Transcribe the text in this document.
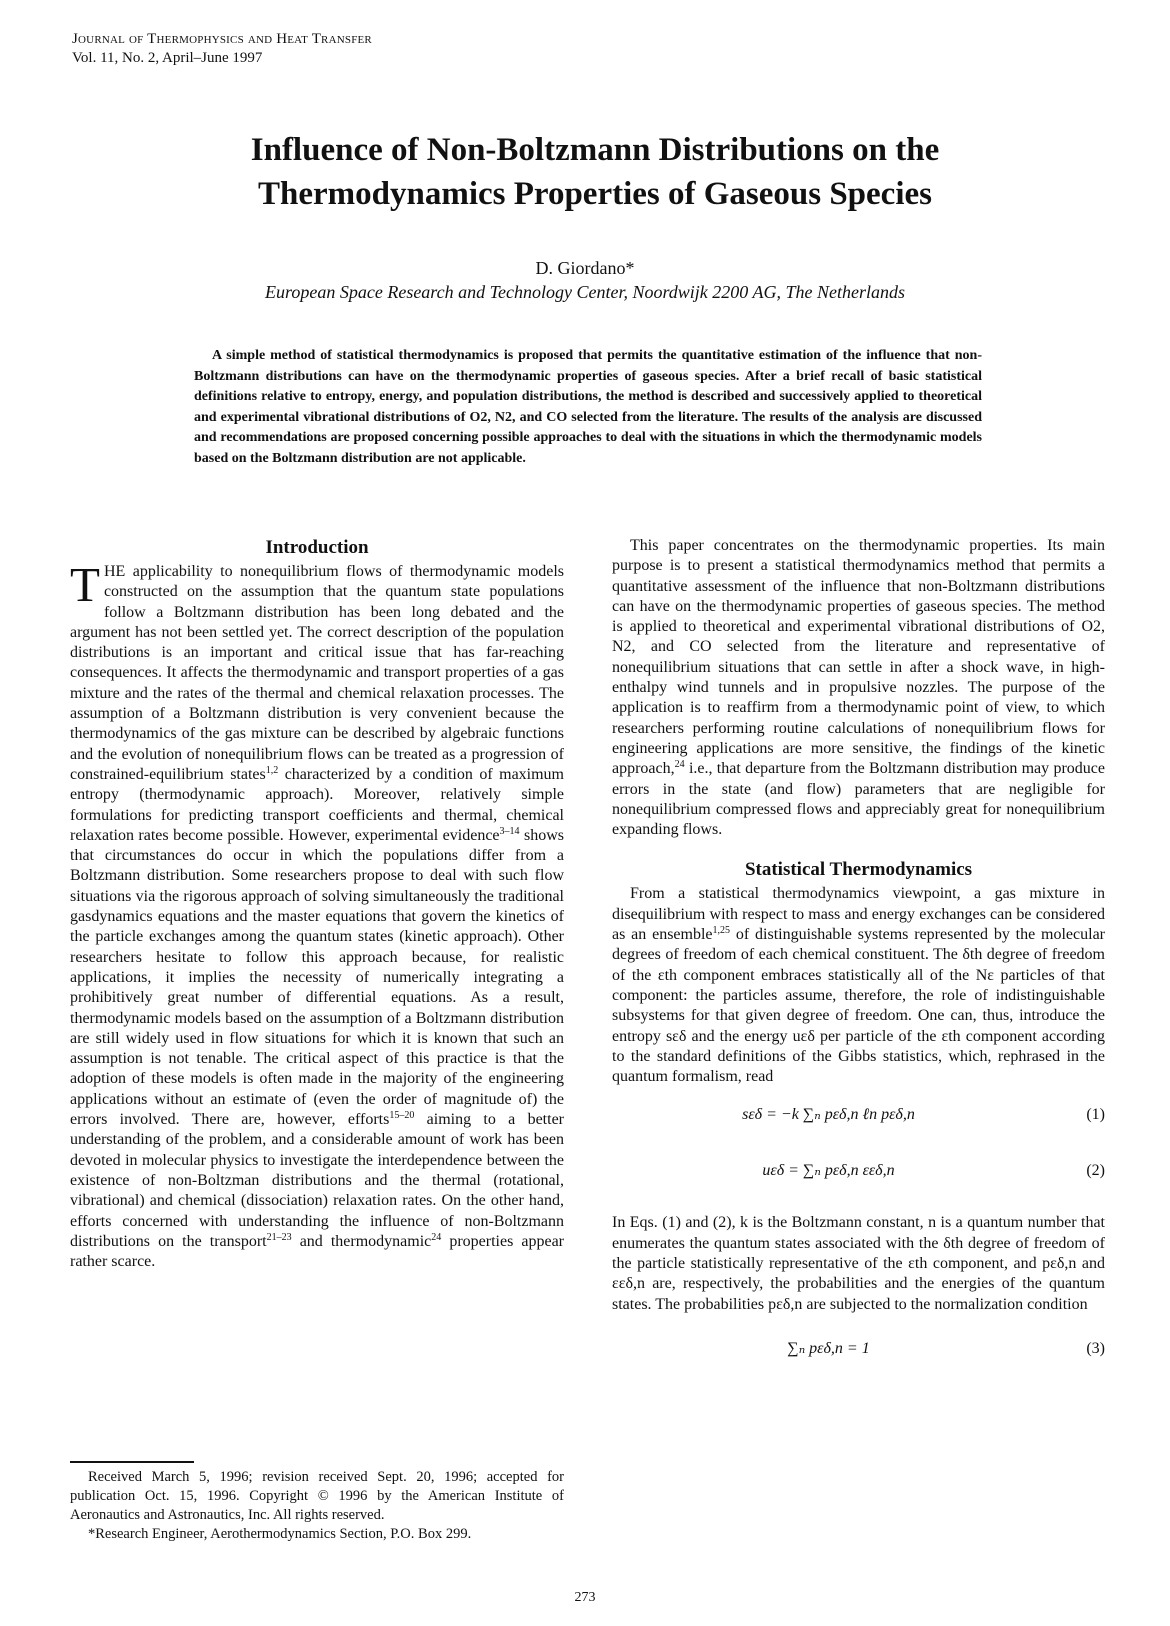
Journal of Thermophysics and Heat Transfer
Vol. 11, No. 2, April–June 1997
Influence of Non-Boltzmann Distributions on the
Thermodynamics Properties of Gaseous Species
D. Giordano*
European Space Research and Technology Center, Noordwijk 2200 AG, The Netherlands
A simple method of statistical thermodynamics is proposed that permits the quantitative estimation of the influence that non-Boltzmann distributions can have on the thermodynamic properties of gaseous species. After a brief recall of basic statistical definitions relative to entropy, energy, and population distributions, the method is described and successively applied to theoretical and experimental vibrational distributions of O2, N2, and CO selected from the literature. The results of the analysis are discussed and recommendations are proposed concerning possible approaches to deal with the situations in which the thermodynamic models based on the Boltzmann distribution are not applicable.
Introduction

THE applicability to nonequilibrium flows of thermodynamic models constructed on the assumption that the quantum state populations follow a Boltzmann distribution has been long debated and the argument has not been settled yet. The correct description of the population distributions is an important and critical issue that has far-reaching consequences. It affects the thermodynamic and transport properties of a gas mixture and the rates of the thermal and chemical relaxation processes. The assumption of a Boltzmann distribution is very convenient because the thermodynamics of the gas mixture can be described by algebraic functions and the evolution of nonequilibrium flows can be treated as a progression of constrained-equilibrium states$^{1,2}$ characterized by a condition of maximum entropy (thermodynamic approach). Moreover, relatively simple formulations for predicting transport coefficients and thermal, chemical relaxation rates become possible. However, experimental evidence$^{3-14}$ shows that circumstances do occur in which the populations differ from a Boltzmann distribution. Some researchers propose to deal with such flow situations via the rigorous approach of solving simultaneously the traditional gasdynamics equations and the master equations that govern the kinetics of the particle exchanges among the quantum states (kinetic approach). Other researchers hesitate to follow this approach because, for realistic applications, it implies the necessity of numerically integrating a prohibitively great number of differential equations. As a result, thermodynamic models based on the assumption of a Boltzmann distribution are still widely used in flow situations for which it is known that such an assumption is not tenable. The critical aspect of this practice is that the adoption of these models is often made in the majority of the engineering applications without an estimate of (even the order of magnitude of) the errors involved. There are, however, efforts$^{15-20}$ aiming to a better understanding of the problem, and a considerable amount of work has been devoted in molecular physics to investigate the interdependence between the existence of non-Boltzman distributions and the thermal (rotational, vibrational) and chemical (dissociation) relaxation rates. On the other hand, efforts concerned with understanding the influence of non-Boltzmann distributions on the transport$^{21-23}$ and thermodynamic$^{24}$ properties appear rather scarce.

This paper concentrates on the thermodynamic properties. Its main purpose is to present a statistical thermodynamics method that permits a quantitative assessment of the influence that non-Boltzmann distributions can have on the thermodynamic properties of gaseous species. The method is applied to theoretical and experimental vibrational distributions of O2, N2, and CO selected from the literature and representative of nonequilibrium situations that can settle in after a shock wave, in high-enthalpy wind tunnels and in propulsive nozzles. The purpose of the application is to reaffirm from a thermodynamic point of view, to which researchers performing routine calculations of nonequilibrium flows for engineering applications are more sensitive, the findings of the kinetic approach,$^{24}$ i.e., that departure from the Boltzmann distribution may produce errors in the state (and flow) parameters that are negligible for nonequilibrium compressed flows and appreciably great for nonequilibrium expanding flows.

Statistical Thermodynamics

From a statistical thermodynamics viewpoint, a gas mixture in disequilibrium with respect to mass and energy exchanges can be considered as an ensemble$^{1,25}$ of distinguishable systems represented by the molecular degrees of freedom of each chemical constituent. The δth degree of freedom of the εth component embraces statistically all of the Nε particles of that component: the particles assume, therefore, the role of indistinguishable subsystems for that given degree of freedom. One can, thus, introduce the entropy sεδ and the energy uεδ per particle of the εth component according to the standard definitions of the Gibbs statistics, which, rephrased in the quantum formalism, read

sεδ = −k ∑ₙ pεδ,n ℓn pεδ,n	(1)
uεδ = ∑ₙ pεδ,n εεδ,n	(2)

In Eqs. (1) and (2), k is the Boltzmann constant, n is a quantum number that enumerates the quantum states associated with the δth degree of freedom of the particle statistically representative of the εth component, and pεδ,n and εεδ,n are, respectively, the probabilities and the energies of the quantum states. The probabilities pεδ,n are subjected to the normalization condition

∑ₙ pεδ,n = 1	(3)

Received March 5, 1996; revision received Sept. 20, 1996; accepted for publication Oct. 15, 1996. Copyright © 1996 by the American Institute of Aeronautics and Astronautics, Inc. All rights reserved.

*Research Engineer, Aerothermodynamics Section, P.O. Box 299.

273
